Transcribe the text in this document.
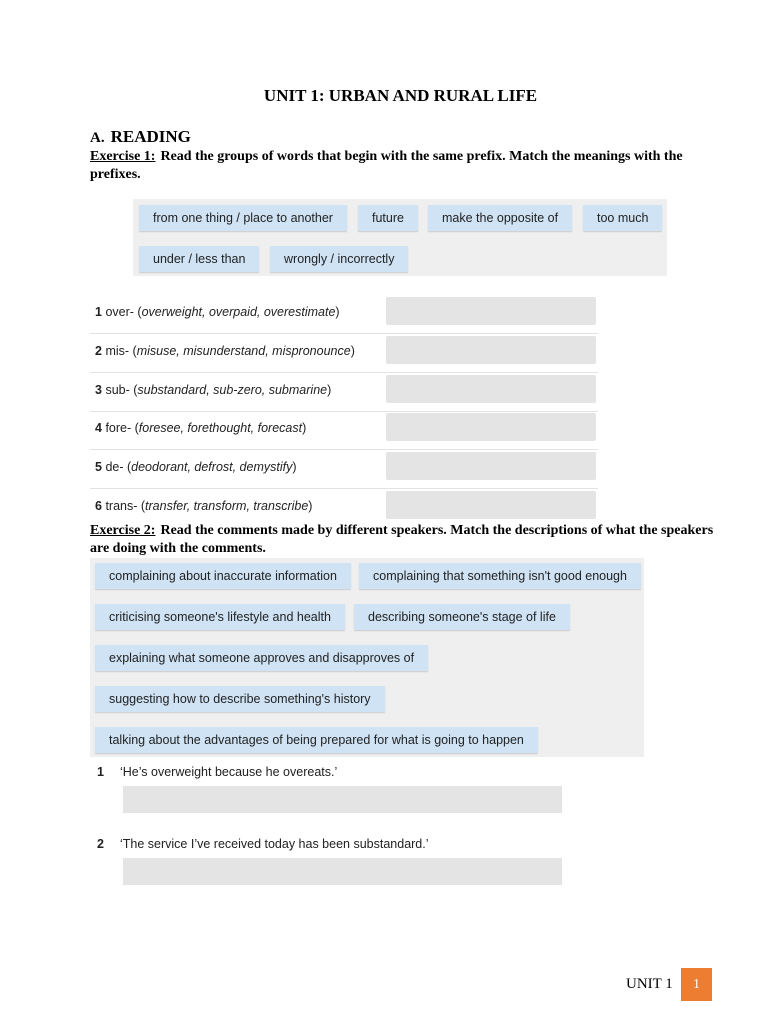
UNIT 1: URBAN AND RURAL LIFE
A. READING
Exercise 1: Read the groups of words that begin with the same prefix. Match the meanings with the prefixes.
from one thing / place to another	future	make the opposite of	too much
under / less than	wrongly / incorrectly
1 over- (overweight, overpaid, overestimate)
2 mis- (misuse, misunderstand, mispronounce)
3 sub- (substandard, sub-zero, submarine)
4 fore- (foresee, forethought, forecast)
5 de- (deodorant, defrost, demystify)
6 trans- (transfer, transform, transcribe)
Exercise 2: Read the comments made by different speakers. Match the descriptions of what the speakers are doing with the comments.
complaining about inaccurate information	complaining that something isn't good enough
criticising someone's lifestyle and health	describing someone's stage of life
explaining what someone approves and disapproves of
suggesting how to describe something's history
talking about the advantages of being prepared for what is going to happen
1 ‘He’s overweight because he overeats.’
2 ‘The service I’ve received today has been substandard.’
UNIT 1	1
